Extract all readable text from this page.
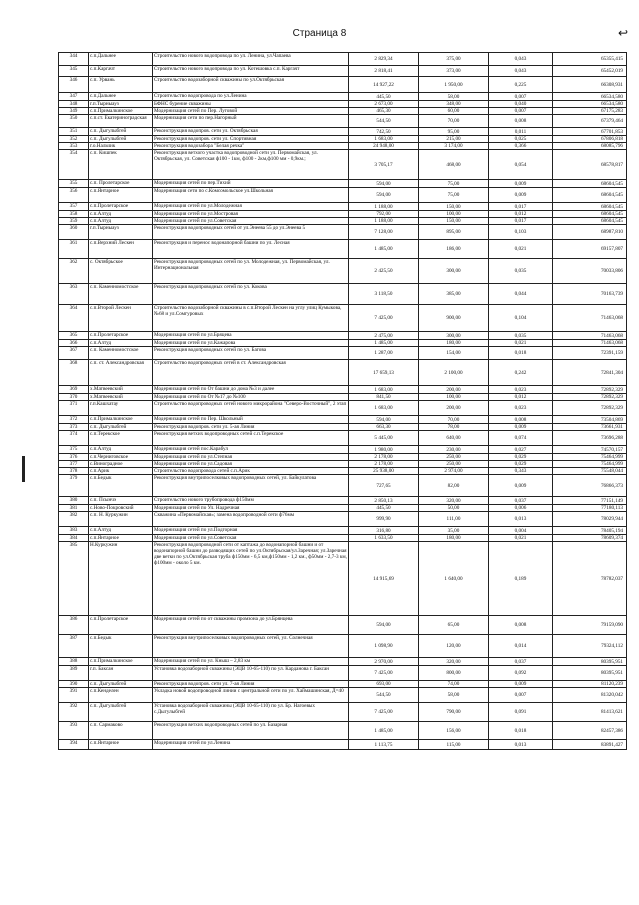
Страница 8	↩
344	с.п.Дальнее	Строительство нового водопровода по ул. Ленина, ул.Чапаева	2 829,34	375,00	0,043	65355,415
345	с.п.Каргачт	Строительство нового водопровода по ул. Котешовка с.п. Каргачт	2 818,41	373,00	0,043	65452,019
346	с.п. Урвань	Строительство водозаборной скважины по ул.Октябрьская	14 927,22	1 950,00	0,225	66308,931
347	с.п.Дальнее	Строительство водопровода по ул.Ленина	445,50	58,00	0,007	66534,580
348	г.п.Тырныауз	БФНС бурение скважины	2 673,00	348,00	0,040	66534,580
349	с.п.Прималкинское	Модернизация сетей по Пер. Луговой	465,30	60,00	0,007	67175,283
350	с.п.ст. Екатериноградская	Модернизация сети по пер.Нагорный	544,50	70,00	0,008	67379,464
351	с.п. Дыгулыбгей	Реконструкция водопров. сети ул. Октябрьская	742,50	95,00	0,011	67701,853
352	с.п. Дыгулыбгей	Реконструкция водопров. сети ул. Спортивная	1 683,00	215,00	0,025	67806,818
353	г.о.Нальчик	Реконструкция водозабора "Белая речка"	24 948,00	3 174,00	0,366	68085,796
354	с.п. Кишпек	Реконструкция ветхого участка водопроводной сети ул. Первомайская, ул. Октябрьская, ул. Советская ф100 - 1км, ф100 - 2км,ф100 мм - 0,9км.;	3 705,17	468,00	0,054	68578,817
355	с.п. Пролетарское	Модернизация сетей по пер.Тихий	594,00	75,00	0,009	68604,545
356	с.п.Янтарное	Модернизация сети по с.Комсомольское ул.Школьная	594,00	75,00	0,009	68604,545
357	с.п.Пролетарское	Модернизация сетей по ул.Молодежная	1 188,00	150,00	0,017	68604,545
358	с.п.Алтуд	Модернизация сетей по ул.Мостровая	792,00	100,00	0,012	68604,545
359	с.п.Алтуд	Модернизация сетей по ул.Советская	1 188,00	150,00	0,017	68604,545
360	г.п.Тырныауз	Реконструкция водопроводных сетей от ул.Энеева 55 до ул.Энеева 5	7 128,00	895,00	0,103	68987,810
361	с.п.Верхний Лескен	Реконструкция и перенос водонапорной башни по ул. Лесная	1 485,00	186,00	0,021	69157,807
362	с. Октябрьское	Реконструкция водопроводных сетей по ул. Молодежная, ул. Первомайская, ул. Интернациональная	2 425,50	300,00	0,035	70033,806
363	с.п. Каменномостское	Реконструкция водопроводных сетей по ул. Кокова	3 118,50	385,00	0,044	70163,739
364	с.п.Второй Лескен	Строительство водозаборной скважины в с.п.Второй Лескен на углу улиц Кумыкова,№68 и ул.Сомгуровых	7 425,00	900,00	0,104	71463,068
365	с.п.Пролетарское	Модернизация сетей по ул.Бряцева	2 475,00	300,00	0,035	71463,068
366	с.п.Алтуд	Модернизация сетей по ул.Кажарова	1 485,00	180,00	0,021	71463,068
367	с.п. Каменномостское	Реконструкция водопроводных сетей по ул. Багова	1 287,00	154,00	0,018	72391,159
368	с.п. ст. Александровская	Строительство водопроводных сетей в ст. Александровская	17 659,13	2 100,00	0,242	72841,304
369	х.Матвеевский	Модернизация сетей по От башни до дома №3 и далее	1 683,00	200,00	0,023	72892,329
370	х.Матвеевский	Модернизация сетей по От №17 до №100	841,50	100,00	0,012	72892,329
371	г.п.Кашхатау	Строительство водопроводных сетей нового микрорайона "Северо-Восточный", 2 этап	1 683,00	200,00	0,023	72892,329
372	с.п.Прималкинское	Модернизация сетей по Пер. Школьный	594,00	70,00	0,008	73504,869
373	с.п. Дыгулыбгей	Реконструкция водопров. сети ул. 5-ая Линия	663,30	78,00	0,009	73661,931
374	с.п.Терекское	Реконструкция ветхих водопроводных сетей с.п.Терекское	5 445,00	640,00	0,074	73696,288
375	с.п.Алтуд	Модернизация сетей пос.Карабул	1 980,00	230,00	0,027	74570,157
376	с.п.Черниговское	Модернизация сетей по ул.Степная	2 178,00	250,00	0,029	75464,999
377	с.Виноградное	Модернизация сетей по ул.Садовая	2 178,00	250,00	0,029	75464,999
378	с.п.Арик	Строительство водопровода сетей с.п.Арик	25 938,00	2 974,00	0,343	75548,044
379	с.п.Бедык	Реконструкция внутрипоселковых водопроводных сетей, ул. Байкулатова	727,65	82,00	0,009	76866,373
380	с.п. Псынчэ	Строительство нового трубопровода ф150мм	2 850,13	320,00	0,037	77151,149
381	с.Ново-Покровский	Модернизация сетей по Ул. Надречная	445,50	50,00	0,006	77180,113
382	с.п. Н. Куркужин	Скважина «Первомайская»; замена водопроводной сети ф76мм	999,90	111,00	0,013	78029,944
383	с.п.Алтуд	Модернизация сетей по ул.Подгорная	316,80	35,00	0,004	78405,194
384	с.п.Янтарное	Модернизация сетей по ул.Советская	1 633,50	180,00	0,021	78609,374
385	Н.Куркужин	Реконструкция водопроводной сети от каптажа до водонапорной башни и от водонапорной башни до разводящих сетей по ул.Октябрьская/ул.Заречная; ул.Заречная две ветки по ул.Октябрьская труба ф150мм - 6,5 км,ф150мм - 1,2 км., ф50мм - 2,7-3 км, ф100мм - около 5 км.	14 915,69	1 640,00	0,189	78782,037
386	с.п.Пролетарское	Модернизация сетей по от скважины промзона до ул.Брянцева	594,00	65,00	0,008	79159,090
387	с.п.Бедык	Реконструкция внутрипоселковых водопроводных сетей, ул. Солнечная	1 098,90	120,00	0,014	79324,112
388	с.п.Прималкинское	Модернизация сетей по ул. Кныш – 2,83 км	2 970,00	320,00	0,037	80395,951
389	г.п. Баксан	Установка водозаборной скважины (ЭЦВ 10-65-110) по ул. Карданова г. Баксан	7 425,00	800,00	0,092	80395,951
390	с.п. Дыгулыбгей	Реконструкция водопров. сети ул. 7-ая Линия	693,00	74,00	0,009	81120,239
391	с.п.Кенделен	Укладка новой водопроводной линии с центральной сети по ул. Хаймашинская, Д=40	544,50	58,00	0,007	81320,042
392	с.п. Дыгулыбгей	Установка водозаборной скважины (ЭЦВ 10-65-110) по ул. Бр. Нагоевых с.Дыгулыбгей	7 425,00	790,00	0,091	81413,621
393	с.п. Сармаково	Реконструкция ветхих водопроводных сетей по ул. Базарная	1 485,00	156,00	0,018	82457,386
394	с.п.Янтарное	Модернизация сетей по ул.Ленина	1 113,75	115,00	0,013	83891,427
